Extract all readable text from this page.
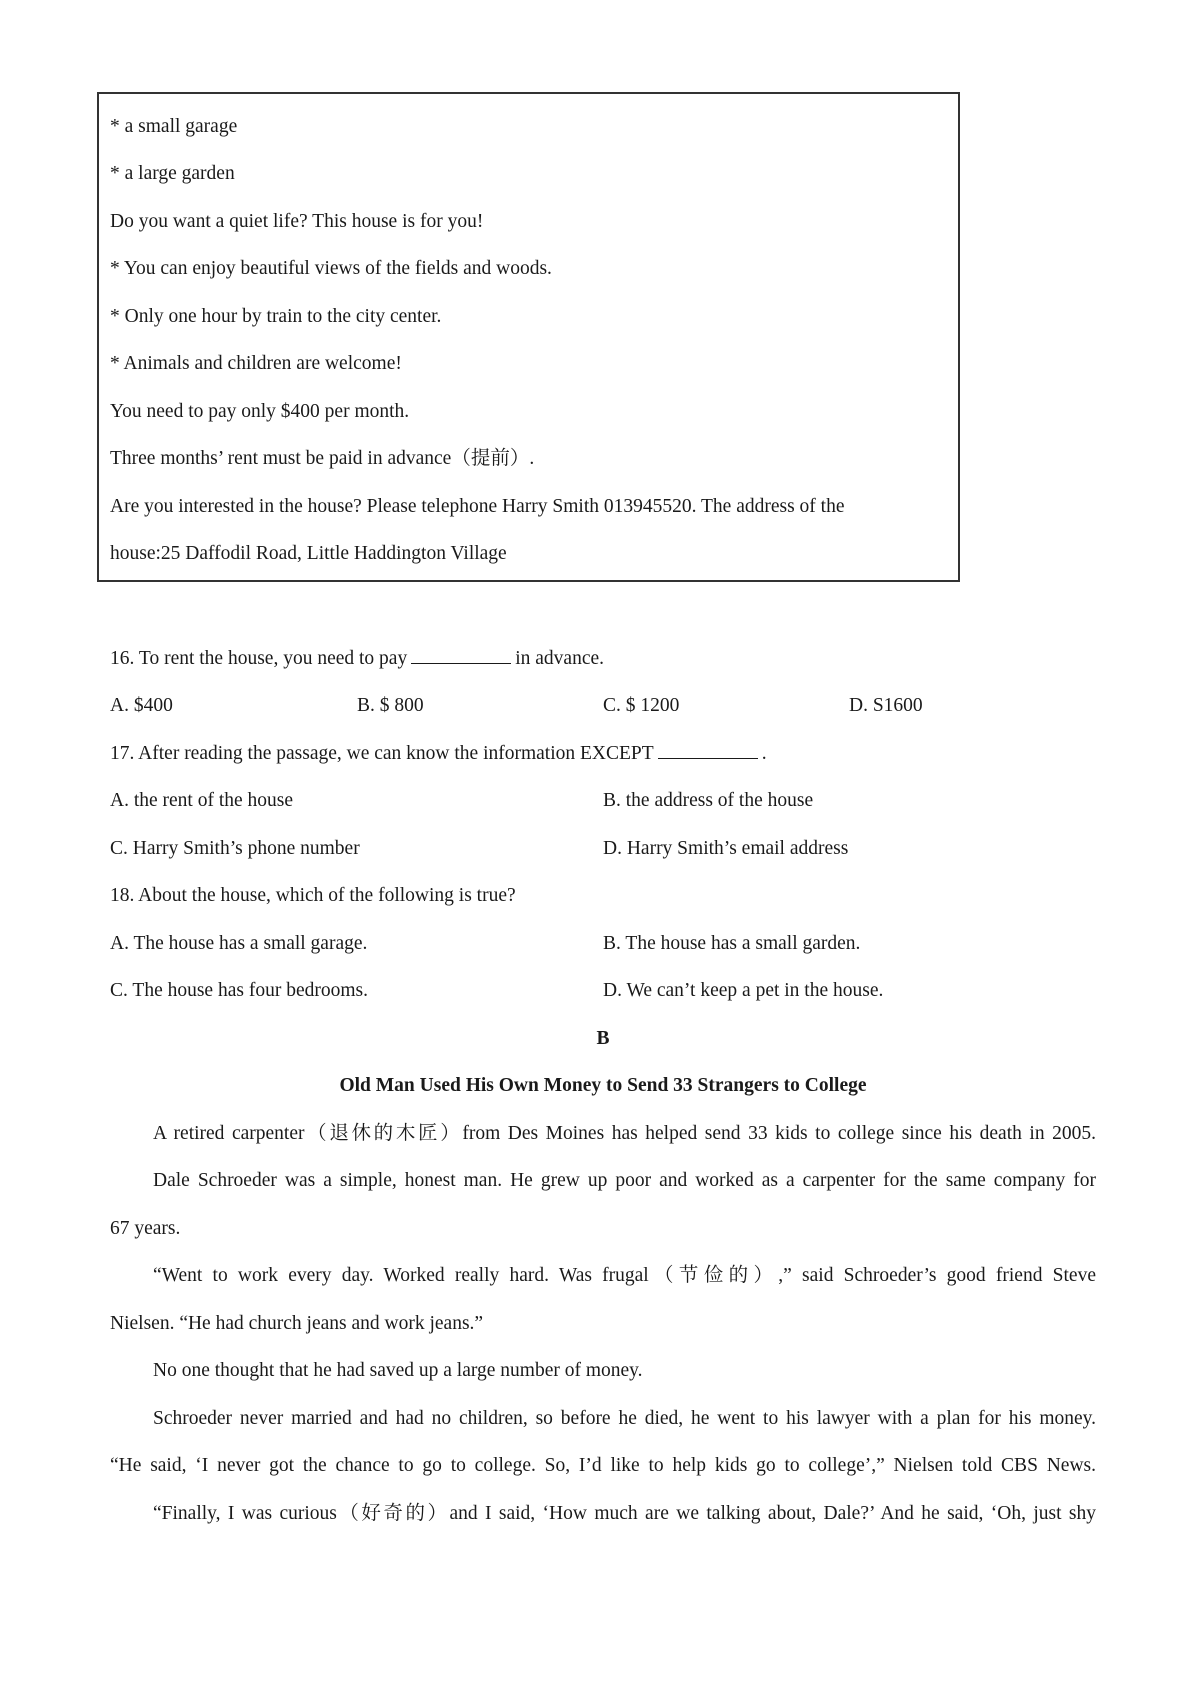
* a small garage
* a large garden
Do you want a quiet life? This house is for you!
* You can enjoy beautiful views of the fields and woods.
* Only one hour by train to the city center.
* Animals and children are welcome!
You need to pay only $400 per month.
Three months’ rent must be paid in advance（提前）.
Are you interested in the house? Please telephone Harry Smith 013945520. The address of the
house:25 Daffodil Road, Little Haddington Village
16. To rent the house, you need to pay	in advance.
A. $400	B. $ 800	C. $ 1200	D. S1600
17. After reading the passage, we can know the information EXCEPT	.
A. the rent of the house	B. the address of the house
C. Harry Smith’s phone number	D. Harry Smith’s email address
18. About the house, which of the following is true?
A. The house has a small garage.	B. The house has a small garden.
C. The house has four bedrooms.	D. We can’t keep a pet in the house.
B
Old Man Used His Own Money to Send 33 Strangers to College
A retired carpenter（退休的木匠）from Des Moines has helped send 33 kids to college since his death in 2005.
Dale Schroeder was a simple, honest man. He grew up poor and worked as a carpenter for the same company for
67 years.
“Went to work every day. Worked really hard. Was frugal（节俭的）,” said Schroeder’s good friend Steve
Nielsen. “He had church jeans and work jeans.”
No one thought that he had saved up a large number of money.
Schroeder never married and had no children, so before he died, he went to his lawyer with a plan for his money.
“He said, ‘I never got the chance to go to college. So, I’d like to help kids go to college’,” Nielsen told CBS News.
“Finally, I was curious（好奇的）and I said, ‘How much are we talking about, Dale?’ And he said, ‘Oh, just shy
